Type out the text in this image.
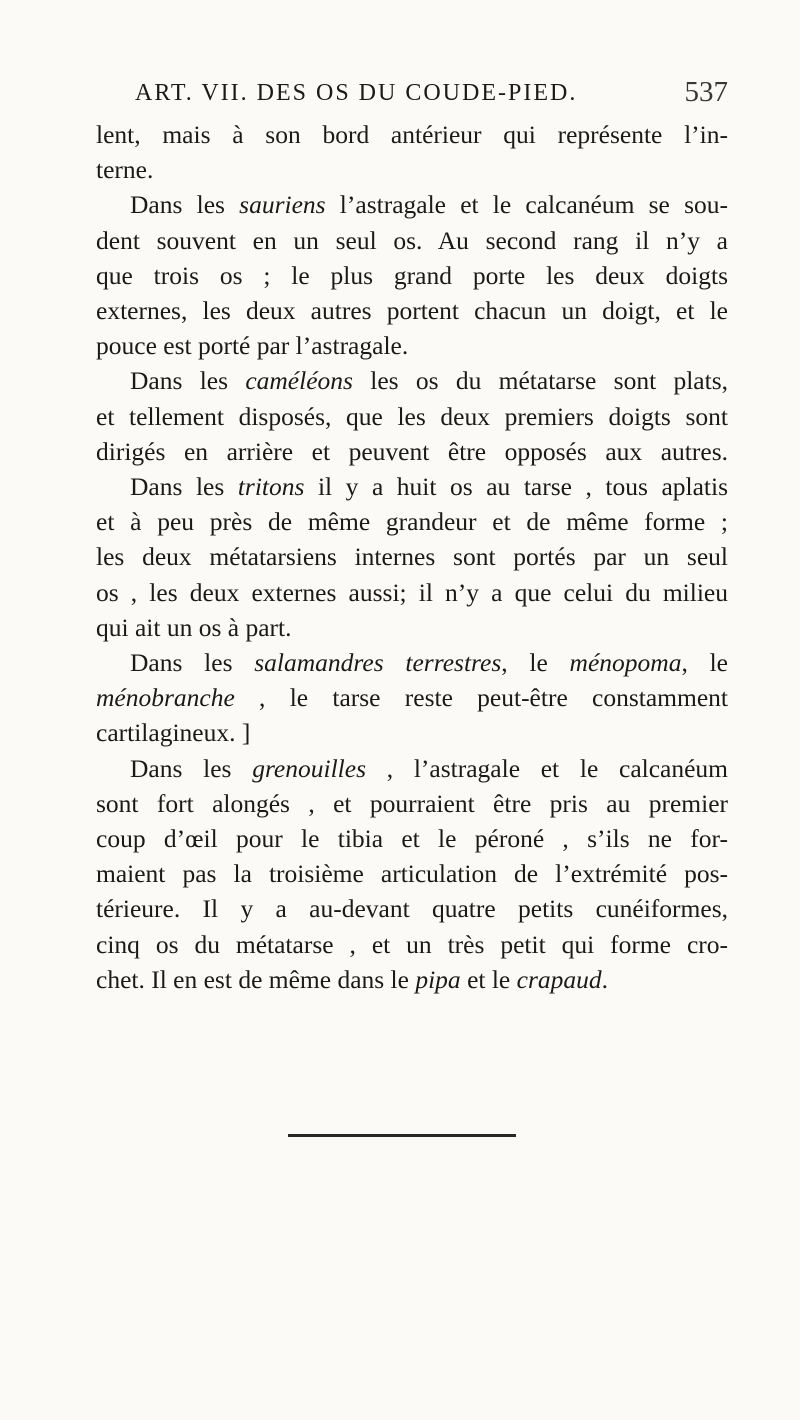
ART. VII. DES OS DU COUDE-PIED.	537
lent, mais à son bord antérieur qui représente l’in-
terne.
Dans les sauriens l’astragale et le calcanéum se sou-
dent souvent en un seul os. Au second rang il n’y a
que trois os ; le plus grand porte les deux doigts
externes, les deux autres portent chacun un doigt, et le
pouce est porté par l’astragale.
Dans les caméléons les os du métatarse sont plats,
et tellement disposés, que les deux premiers doigts sont
dirigés en arrière et peuvent être opposés aux autres.
Dans les tritons il y a huit os au tarse , tous aplatis
et à peu près de même grandeur et de même forme ;
les deux métatarsiens internes sont portés par un seul
os , les deux externes aussi; il n’y a que celui du milieu
qui ait un os à part.
Dans les salamandres terrestres, le ménopoma, le
ménobranche , le tarse reste peut-être constamment
cartilagineux. ]
Dans les grenouilles , l’astragale et le calcanéum
sont fort alongés , et pourraient être pris au premier
coup d’œil pour le tibia et le péroné , s’ils ne for-
maient pas la troisième articulation de l’extrémité pos-
térieure. Il y a au-devant quatre petits cunéiformes,
cinq os du métatarse , et un très petit qui forme cro-
chet. Il en est de même dans le pipa et le crapaud.
